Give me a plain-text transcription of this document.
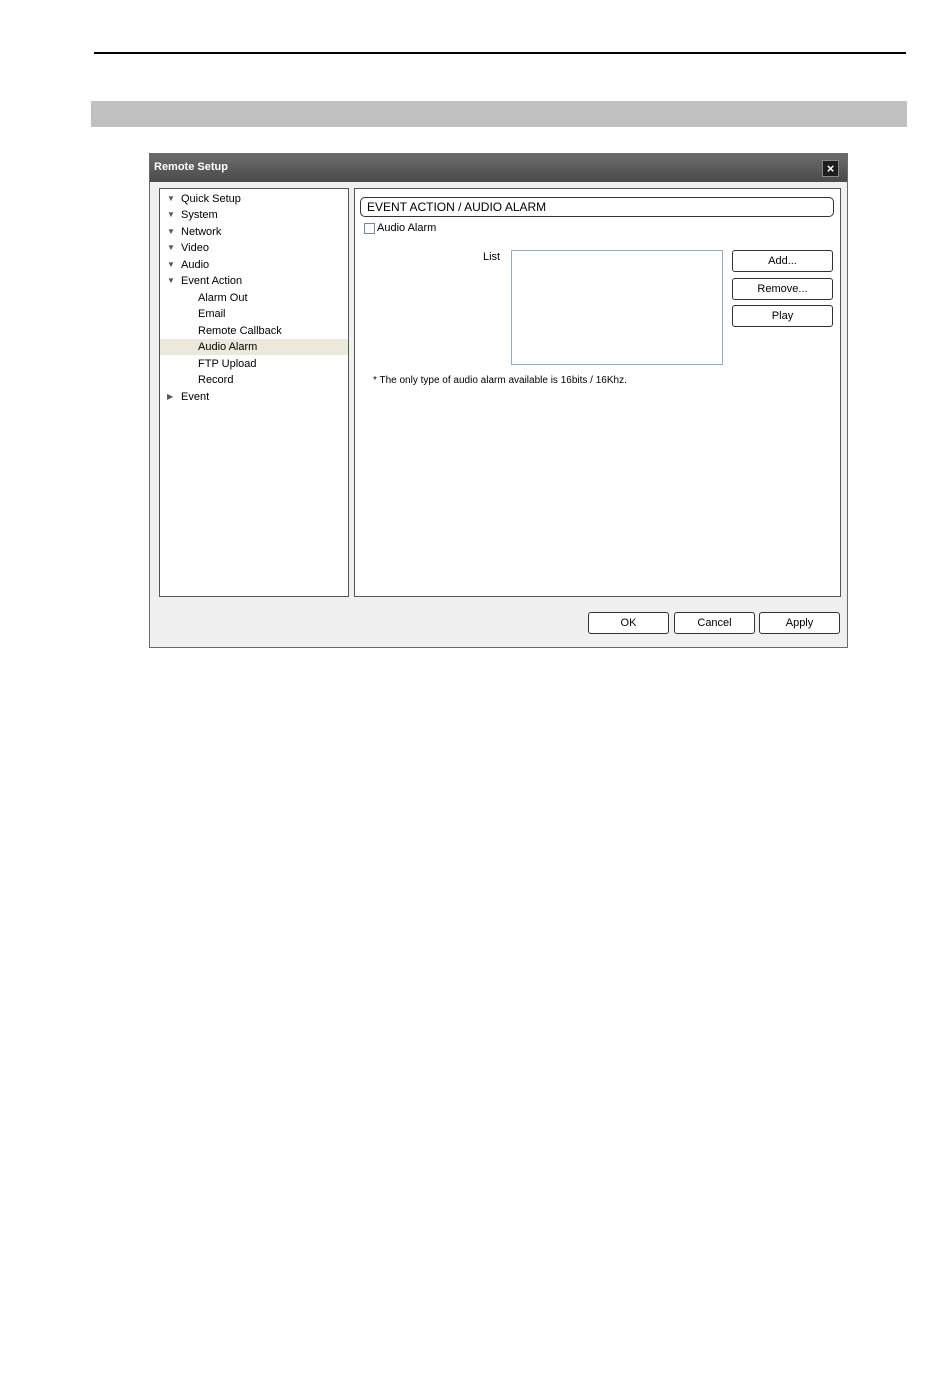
Remote Setup	×
▼ Quick Setup
▼ System
▼ Network
▼ Video
▼ Audio
▼ Event Action
Alarm Out
Email
Remote Callback
Audio Alarm
FTP Upload
Record
▶ Event
EVENT ACTION / AUDIO ALARM
Audio Alarm
List	Add...
Remove...
Play
* The only type of audio alarm available is 16bits / 16Khz.
OK	Cancel	Apply
